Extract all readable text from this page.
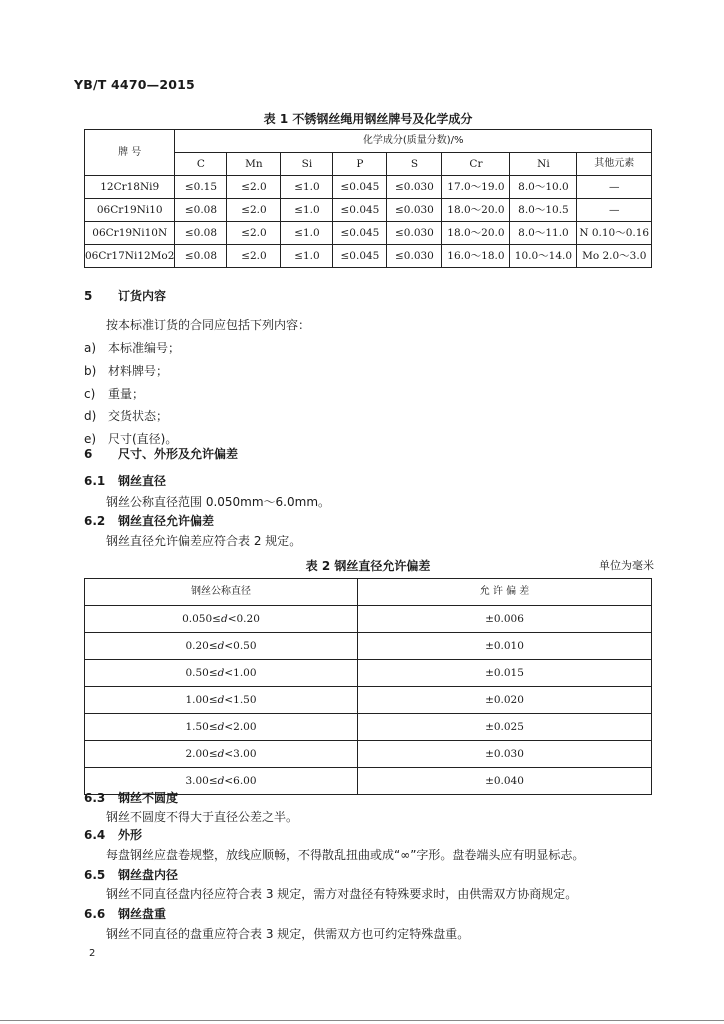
YB/T 4470—2015
表 1 不锈钢丝绳用钢丝牌号及化学成分
牌 号	化学成分(质量分数)/%							
	C	Mn	Si	P	S	Cr	Ni	其他元素
12Cr18Ni9	≤0.15	≤2.0	≤1.0	≤0.045	≤0.030	17.0～19.0	8.0～10.0	—
06Cr19Ni10	≤0.08	≤2.0	≤1.0	≤0.045	≤0.030	18.0～20.0	8.0～10.5	—
06Cr19Ni10N	≤0.08	≤2.0	≤1.0	≤0.045	≤0.030	18.0～20.0	8.0～11.0	N 0.10～0.16
06Cr17Ni12Mo2	≤0.08	≤2.0	≤1.0	≤0.045	≤0.030	16.0～18.0	10.0～14.0	Mo 2.0～3.0
5 订货内容
按本标准订货的合同应包括下列内容：
a) 本标准编号；
b) 材料牌号；
c) 重量；
d) 交货状态；
e) 尺寸(直径)。
6 尺寸、外形及允许偏差
6.1 钢丝直径
钢丝公称直径范围 0.050mm～6.0mm。
6.2 钢丝直径允许偏差
钢丝直径允许偏差应符合表 2 规定。
表 2 钢丝直径允许偏差	单位为毫米
钢丝公称直径	允 许 偏 差
0.050≤d<0.20	±0.006
0.20≤d<0.50	±0.010
0.50≤d<1.00	±0.015
1.00≤d<1.50	±0.020
1.50≤d<2.00	±0.025
2.00≤d<3.00	±0.030
3.00≤d<6.00	±0.040
6.3 钢丝不圆度
钢丝不圆度不得大于直径公差之半。
6.4 外形
每盘钢丝应盘卷规整，放线应顺畅，不得散乱扭曲或成“∞”字形。盘卷端头应有明显标志。
6.5 钢丝盘内径
钢丝不同直径盘内径应符合表 3 规定，需方对盘径有特殊要求时，由供需双方协商规定。
6.6 钢丝盘重
钢丝不同直径的盘重应符合表 3 规定，供需双方也可约定特殊盘重。
2
